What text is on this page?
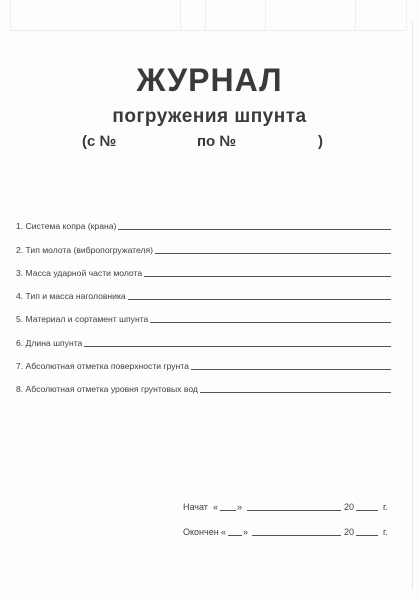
ЖУРНАЛ
погружения шпунта
(с №	по №	)
1. Система копра (крана)
2. Тип молота (вибропогружателя)
3. Масса ударной части молота
4. Тип и масса наголовника
5. Материал и сортамент шпунта
6. Длина шпунта
7. Абсолютная отметка поверхности грунта
8. Абсолютная отметка уровня грунтовых вод
Начат « »	20	г.
Окончен « »	20	г.
